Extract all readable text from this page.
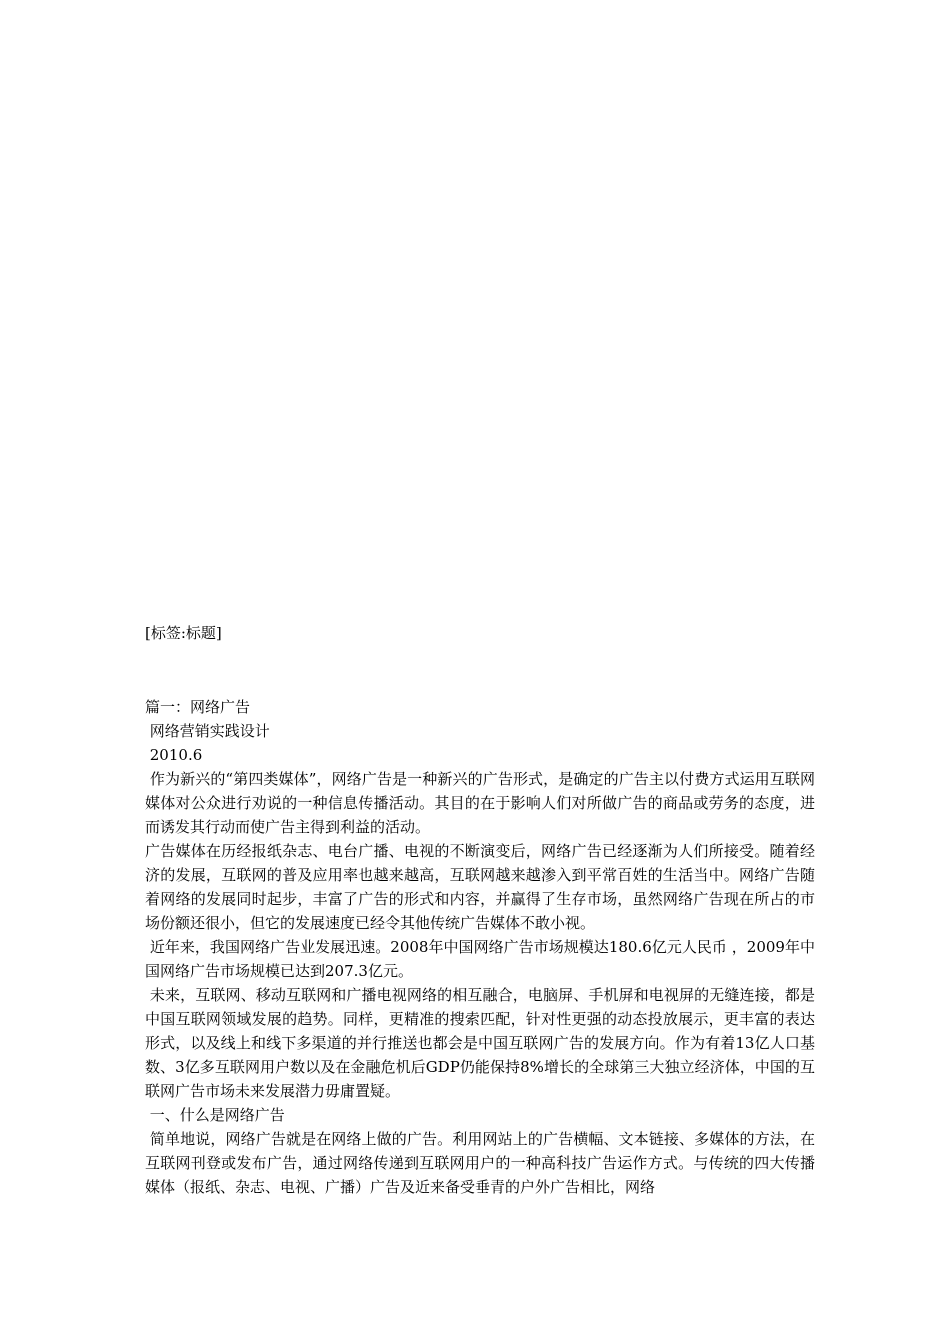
[标签:标题]

篇一：网络广告

网络营销实践设计

2010.6

作为新兴的“第四类媒体”，网络广告是一种新兴的广告形式，是确定的广告主以付费方式运用互联网媒体对公众进行劝说的一种信息传播活动。其目的在于影响人们对所做广告的商品或劳务的态度，进而诱发其行动而使广告主得到利益的活动。

广告媒体在历经报纸杂志、电台广播、电视的不断演变后，网络广告已经逐渐为人们所接受。随着经济的发展，互联网的普及应用率也越来越高，互联网越来越渗入到平常百姓的生活当中。网络广告随着网络的发展同时起步，丰富了广告的形式和内容，并赢得了生存市场，虽然网络广告现在所占的市场份额还很小，但它的发展速度已经令其他传统广告媒体不敢小视。

近年来，我国网络广告业发展迅速。2008年中国网络广告市场规模达180.6亿元人民币 ，2009年中国网络广告市场规模已达到207.3亿元。

未来，互联网、移动互联网和广播电视网络的相互融合，电脑屏、手机屏和电视屏的无缝连接，都是中国互联网领域发展的趋势。同样，更精准的搜索匹配，针对性更强的动态投放展示，更丰富的表达形式，以及线上和线下多渠道的并行推送也都会是中国互联网广告的发展方向。作为有着13亿人口基数、3亿多互联网用户数以及在金融危机后GDP仍能保持8%增长的全球第三大独立经济体，中国的互联网广告市场未来发展潜力毋庸置疑。

一、什么是网络广告

简单地说，网络广告就是在网络上做的广告。利用网站上的广告横幅、文本链接、多媒体的方法，在互联网刊登或发布广告，通过网络传递到互联网用户的一种高科技广告运作方式。与传统的四大传播媒体（报纸、杂志、电视、广播）广告及近来备受垂青的户外广告相比，网络
